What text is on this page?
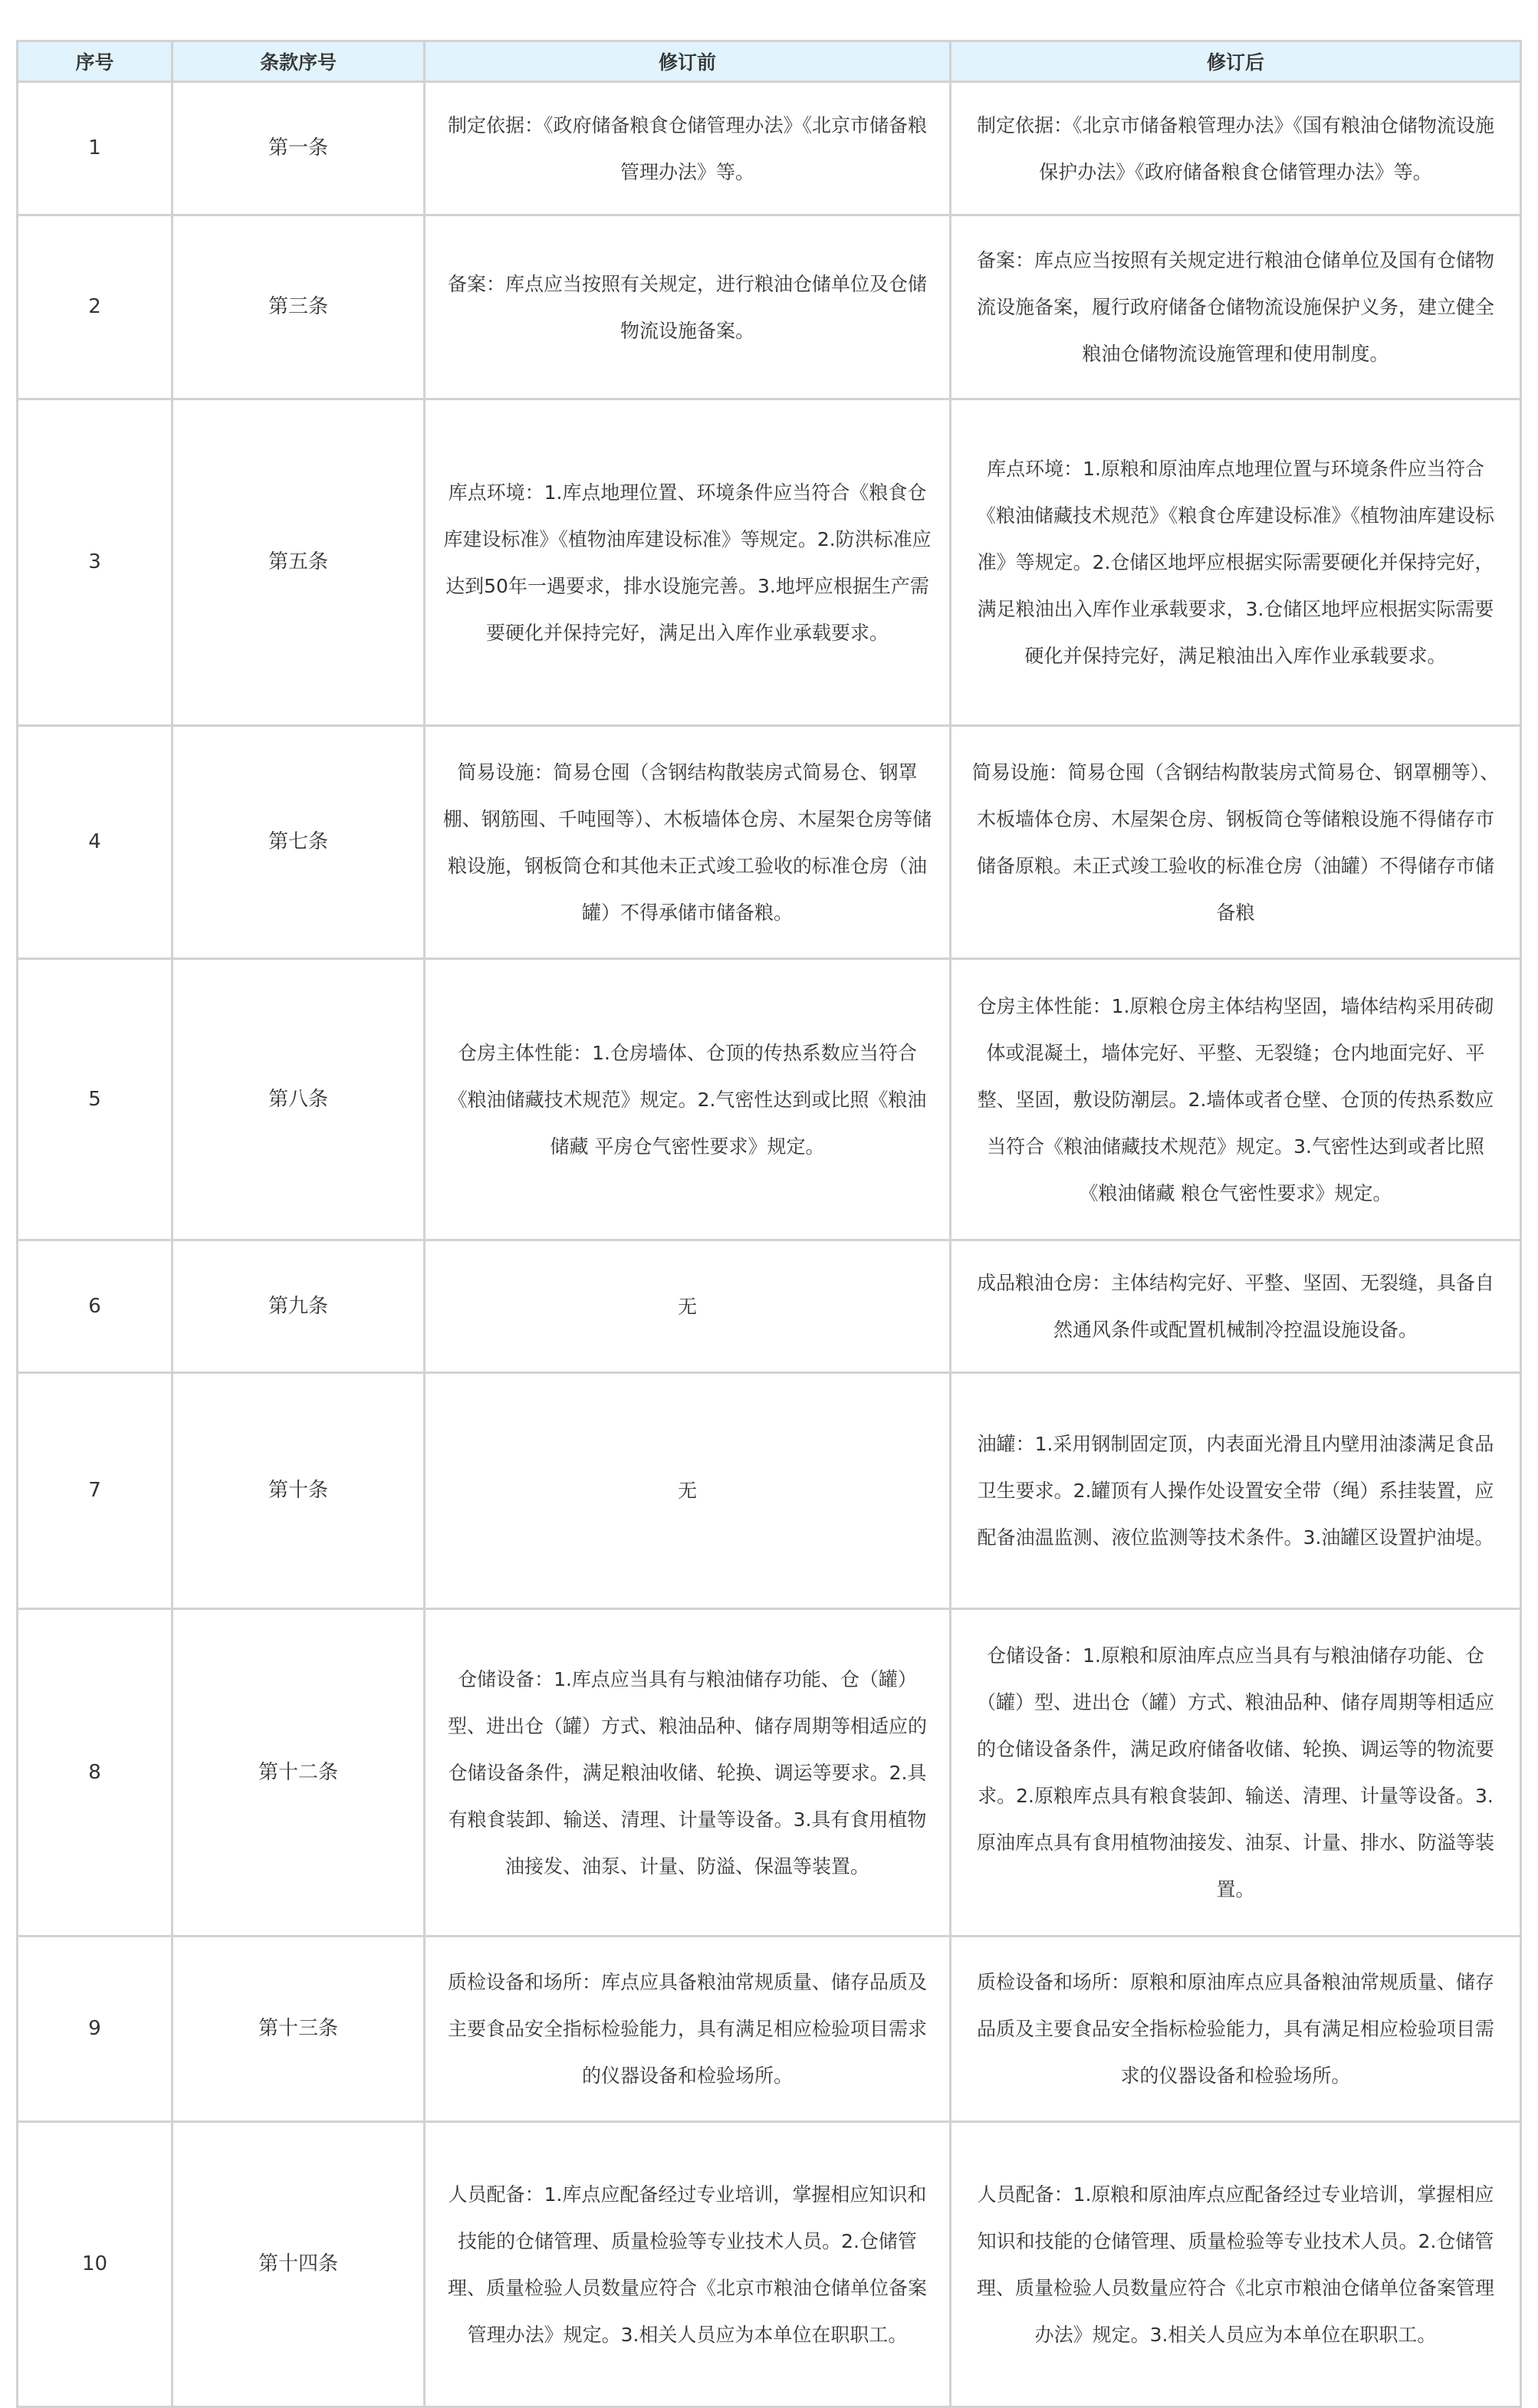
序号	条款序号	修订前	修订后
1	第一条	制定依据：《政府储备粮食仓储管理办法》《北京市储备粮管理办法》等。	制定依据：《北京市储备粮管理办法》《国有粮油仓储物流设施保护办法》《政府储备粮食仓储管理办法》等。
2	第三条	备案：库点应当按照有关规定，进行粮油仓储单位及仓储物流设施备案。	备案：库点应当按照有关规定进行粮油仓储单位及国有仓储物流设施备案，履行政府储备仓储物流设施保护义务，建立健全粮油仓储物流设施管理和使用制度。
3	第五条	库点环境：1.库点地理位置、环境条件应当符合《粮食仓库建设标准》《植物油库建设标准》等规定。2.防洪标准应达到50年一遇要求，排水设施完善。3.地坪应根据生产需要硬化并保持完好，满足出入库作业承载要求。	库点环境：1.原粮和原油库点地理位置与环境条件应当符合《粮油储藏技术规范》《粮食仓库建设标准》《植物油库建设标准》等规定。2.仓储区地坪应根据实际需要硬化并保持完好，满足粮油出入库作业承载要求，3.仓储区地坪应根据实际需要硬化并保持完好，满足粮油出入库作业承载要求。
4	第七条	简易设施：简易仓囤（含钢结构散装房式简易仓、钢罩棚、钢筋囤、千吨囤等）、木板墙体仓房、木屋架仓房等储粮设施，钢板筒仓和其他未正式竣工验收的标准仓房（油罐）不得承储市储备粮。	简易设施：简易仓囤（含钢结构散装房式简易仓、钢罩棚等）、木板墙体仓房、木屋架仓房、钢板筒仓等储粮设施不得储存市储备原粮。未正式竣工验收的标准仓房（油罐）不得储存市储备粮
5	第八条	仓房主体性能：1.仓房墙体、仓顶的传热系数应当符合《粮油储藏技术规范》规定。2.气密性达到或比照《粮油储藏 平房仓气密性要求》规定。	仓房主体性能：1.原粮仓房主体结构坚固，墙体结构采用砖砌体或混凝土，墙体完好、平整、无裂缝；仓内地面完好、平整、坚固，敷设防潮层。2.墙体或者仓壁、仓顶的传热系数应当符合《粮油储藏技术规范》规定。3.气密性达到或者比照《粮油储藏 粮仓气密性要求》规定。
6	第九条	无	成品粮油仓房：主体结构完好、平整、坚固、无裂缝，具备自然通风条件或配置机械制冷控温设施设备。
7	第十条	无	油罐：1.采用钢制固定顶，内表面光滑且内壁用油漆满足食品卫生要求。2.罐顶有人操作处设置安全带（绳）系挂装置，应配备油温监测、液位监测等技术条件。3.油罐区设置护油堤。
8	第十二条	仓储设备：1.库点应当具有与粮油储存功能、仓（罐）型、进出仓（罐）方式、粮油品种、储存周期等相适应的仓储设备条件，满足粮油收储、轮换、调运等要求。2.具有粮食装卸、输送、清理、计量等设备。3.具有食用植物油接发、油泵、计量、防溢、保温等装置。	仓储设备：1.原粮和原油库点应当具有与粮油储存功能、仓（罐）型、进出仓（罐）方式、粮油品种、储存周期等相适应的仓储设备条件，满足政府储备收储、轮换、调运等的物流要求。2.原粮库点具有粮食装卸、输送、清理、计量等设备。3.原油库点具有食用植物油接发、油泵、计量、排水、防溢等装置。
9	第十三条	质检设备和场所：库点应具备粮油常规质量、储存品质及主要食品安全指标检验能力，具有满足相应检验项目需求的仪器设备和检验场所。	质检设备和场所：原粮和原油库点应具备粮油常规质量、储存品质及主要食品安全指标检验能力，具有满足相应检验项目需求的仪器设备和检验场所。
10	第十四条	人员配备：1.库点应配备经过专业培训，掌握相应知识和技能的仓储管理、质量检验等专业技术人员。2.仓储管理、质量检验人员数量应符合《北京市粮油仓储单位备案管理办法》规定。3.相关人员应为本单位在职职工。	人员配备：1.原粮和原油库点应配备经过专业培训，掌握相应知识和技能的仓储管理、质量检验等专业技术人员。2.仓储管理、质量检验人员数量应符合《北京市粮油仓储单位备案管理办法》规定。3.相关人员应为本单位在职职工。
